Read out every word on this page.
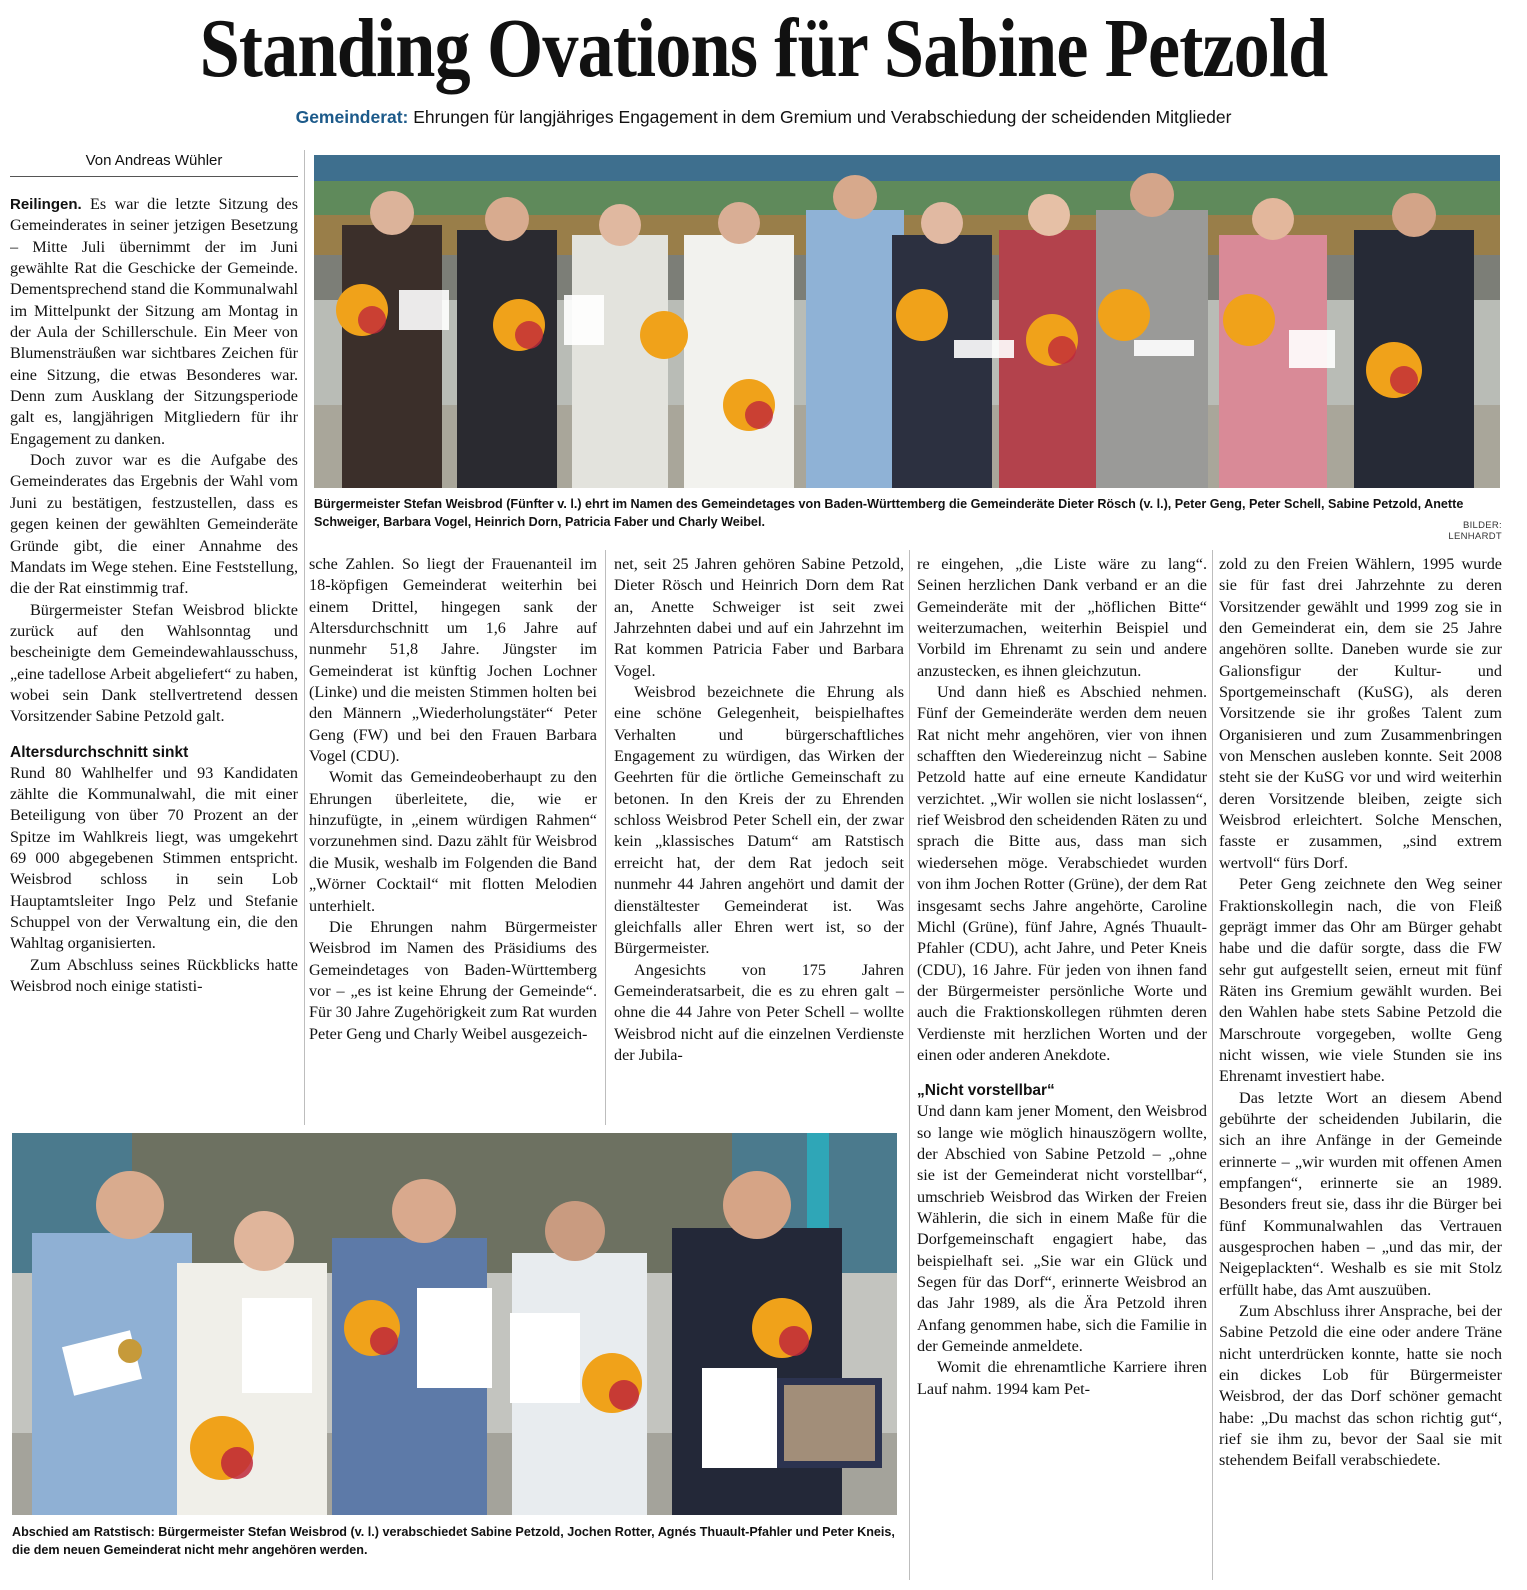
Standing Ovations für Sabine Petzold
Gemeinderat: Ehrungen für langjähriges Engagement in dem Gremium und Verabschiedung der scheidenden Mitglieder
Von Andreas Wühler

Reilingen. Es war die letzte Sitzung des Gemeinderates in seiner jetzigen Besetzung – Mitte Juli übernimmt der im Juni gewählte Rat die Geschicke der Gemeinde. Dementsprechend stand die Kommunalwahl im Mittelpunkt der Sitzung am Montag in der Aula der Schillerschule. Ein Meer von Blumensträußen war sichtbares Zeichen für eine Sitzung, die etwas Besonderes war. Denn zum Ausklang der Sitzungsperiode galt es, langjährigen Mitgliedern für ihr Engagement zu danken.

Doch zuvor war es die Aufgabe des Gemeinderates das Ergebnis der Wahl vom Juni zu bestätigen, festzustellen, dass es gegen keinen der gewählten Gemeinderäte Gründe gibt, die einer Annahme des Mandats im Wege stehen. Eine Feststellung, die der Rat einstimmig traf.

Bürgermeister Stefan Weisbrod blickte zurück auf den Wahlsonntag und bescheinigte dem Gemeindewahlausschuss, „eine tadellose Arbeit abgeliefert“ zu haben, wobei sein Dank stellvertretend dessen Vorsitzender Sabine Petzold galt.

Altersdurchschnitt sinkt

Rund 80 Wahlhelfer und 93 Kandidaten zählte die Kommunalwahl, die mit einer Beteiligung von über 70 Prozent an der Spitze im Wahlkreis liegt, was umgekehrt 69 000 abgegebenen Stimmen entspricht. Weisbrod schloss in sein Lob Hauptamtsleiter Ingo Pelz und Stefanie Schuppel von der Verwaltung ein, die den Wahltag organisierten.

Zum Abschluss seines Rückblicks hatte Weisbrod noch einige statisti-

Bürgermeister Stefan Weisbrod (Fünfter v. l.) ehrt im Namen des Gemeindetages von Baden-Württemberg die Gemeinderäte Dieter Rösch (v. l.), Peter Geng, Peter Schell, Sabine Petzold, Anette Schweiger, Barbara Vogel, Heinrich Dorn, Patricia Faber und Charly Weibel.	BILDER: LENHARDT

sche Zahlen. So liegt der Frauenanteil im 18-köpfigen Gemeinderat weiterhin bei einem Drittel, hingegen sank der Altersdurchschnitt um 1,6 Jahre auf nunmehr 51,8 Jahre. Jüngster im Gemeinderat ist künftig Jochen Lochner (Linke) und die meisten Stimmen holten bei den Männern „Wiederholungstäter“ Peter Geng (FW) und bei den Frauen Barbara Vogel (CDU).

Womit das Gemeindeoberhaupt zu den Ehrungen überleitete, die, wie er hinzufügte, in „einem würdigen Rahmen“ vorzunehmen sind. Dazu zählt für Weisbrod die Musik, weshalb im Folgenden die Band „Wörner Cocktail“ mit flotten Melodien unterhielt.

Die Ehrungen nahm Bürgermeister Weisbrod im Namen des Präsidiums des Gemeindetages von Baden-Württemberg vor – „es ist keine Ehrung der Gemeinde“. Für 30 Jahre Zugehörigkeit zum Rat wurden Peter Geng und Charly Weibel ausgezeich-

net, seit 25 Jahren gehören Sabine Petzold, Dieter Rösch und Heinrich Dorn dem Rat an, Anette Schweiger ist seit zwei Jahrzehnten dabei und auf ein Jahrzehnt im Rat kommen Patricia Faber und Barbara Vogel.

Weisbrod bezeichnete die Ehrung als eine schöne Gelegenheit, beispielhaftes Verhalten und bürgerschaftliches Engagement zu würdigen, das Wirken der Geehrten für die örtliche Gemeinschaft zu betonen. In den Kreis der zu Ehrenden schloss Weisbrod Peter Schell ein, der zwar kein „klassisches Datum“ am Ratstisch erreicht hat, der dem Rat jedoch seit nunmehr 44 Jahren angehört und damit der dienstältester Gemeinderat ist. Was gleichfalls aller Ehren wert ist, so der Bürgermeister.

Angesichts von 175 Jahren Gemeinderatsarbeit, die es zu ehren galt – ohne die 44 Jahre von Peter Schell – wollte Weisbrod nicht auf die einzelnen Verdienste der Jubila-

re eingehen, „die Liste wäre zu lang“. Seinen herzlichen Dank verband er an die Gemeinderäte mit der „höflichen Bitte“ weiterzumachen, weiterhin Beispiel und Vorbild im Ehrenamt zu sein und andere anzustecken, es ihnen gleichzutun.

Und dann hieß es Abschied nehmen. Fünf der Gemeinderäte werden dem neuen Rat nicht mehr angehören, vier von ihnen schafften den Wiedereinzug nicht – Sabine Petzold hatte auf eine erneute Kandidatur verzichtet. „Wir wollen sie nicht loslassen“, rief Weisbrod den scheidenden Räten zu und sprach die Bitte aus, dass man sich wiedersehen möge. Verabschiedet wurden von ihm Jochen Rotter (Grüne), der dem Rat insgesamt sechs Jahre angehörte, Caroline Michl (Grüne), fünf Jahre, Agnés Thuault-Pfahler (CDU), acht Jahre, und Peter Kneis (CDU), 16 Jahre. Für jeden von ihnen fand der Bürgermeister persönliche Worte und auch die Fraktionskollegen rühmten deren Verdienste mit herzlichen Worten und der einen oder anderen Anekdote.

„Nicht vorstellbar“

Und dann kam jener Moment, den Weisbrod so lange wie möglich hinauszögern wollte, der Abschied von Sabine Petzold – „ohne sie ist der Gemeinderat nicht vorstellbar“, umschrieb Weisbrod das Wirken der Freien Wählerin, die sich in einem Maße für die Dorfgemeinschaft engagiert habe, das beispielhaft sei. „Sie war ein Glück und Segen für das Dorf“, erinnerte Weisbrod an das Jahr 1989, als die Ära Petzold ihren Anfang genommen habe, sich die Familie in der Gemeinde anmeldete.

Womit die ehrenamtliche Karriere ihren Lauf nahm. 1994 kam Pet-

zold zu den Freien Wählern, 1995 wurde sie für fast drei Jahrzehnte zu deren Vorsitzender gewählt und 1999 zog sie in den Gemeinderat ein, dem sie 25 Jahre angehören sollte. Daneben wurde sie zur Galionsfigur der Kultur- und Sportgemeinschaft (KuSG), als deren Vorsitzende sie ihr großes Talent zum Organisieren und zum Zusammenbringen von Menschen ausleben konnte. Seit 2008 steht sie der KuSG vor und wird weiterhin deren Vorsitzende bleiben, zeigte sich Weisbrod erleichtert. Solche Menschen, fasste er zusammen, „sind extrem wertvoll“ fürs Dorf.

Peter Geng zeichnete den Weg seiner Fraktionskollegin nach, die von Fleiß geprägt immer das Ohr am Bürger gehabt habe und die dafür sorgte, dass die FW sehr gut aufgestellt seien, erneut mit fünf Räten ins Gremium gewählt wurden. Bei den Wahlen habe stets Sabine Petzold die Marschroute vorgegeben, wollte Geng nicht wissen, wie viele Stunden sie ins Ehrenamt investiert habe.

Das letzte Wort an diesem Abend gebührte der scheidenden Jubilarin, die sich an ihre Anfänge in der Gemeinde erinnerte – „wir wurden mit offenen Amen empfangen“, erinnerte sie an 1989. Besonders freut sie, dass ihr die Bürger bei fünf Kommunalwahlen das Vertrauen ausgesprochen haben – „und das mir, der Neigeplackten“. Weshalb es sie mit Stolz erfüllt habe, das Amt auszuüben.

Zum Abschluss ihrer Ansprache, bei der Sabine Petzold die eine oder andere Träne nicht unterdrücken konnte, hatte sie noch ein dickes Lob für Bürgermeister Weisbrod, der das Dorf schöner gemacht habe: „Du machst das schon richtig gut“, rief sie ihm zu, bevor der Saal sie mit stehendem Beifall verabschiedete.

Abschied am Ratstisch: Bürgermeister Stefan Weisbrod (v. l.) verabschiedet Sabine Petzold, Jochen Rotter, Agnés Thuault-Pfahler und Peter Kneis, die dem neuen Gemeinderat nicht mehr angehören werden.
